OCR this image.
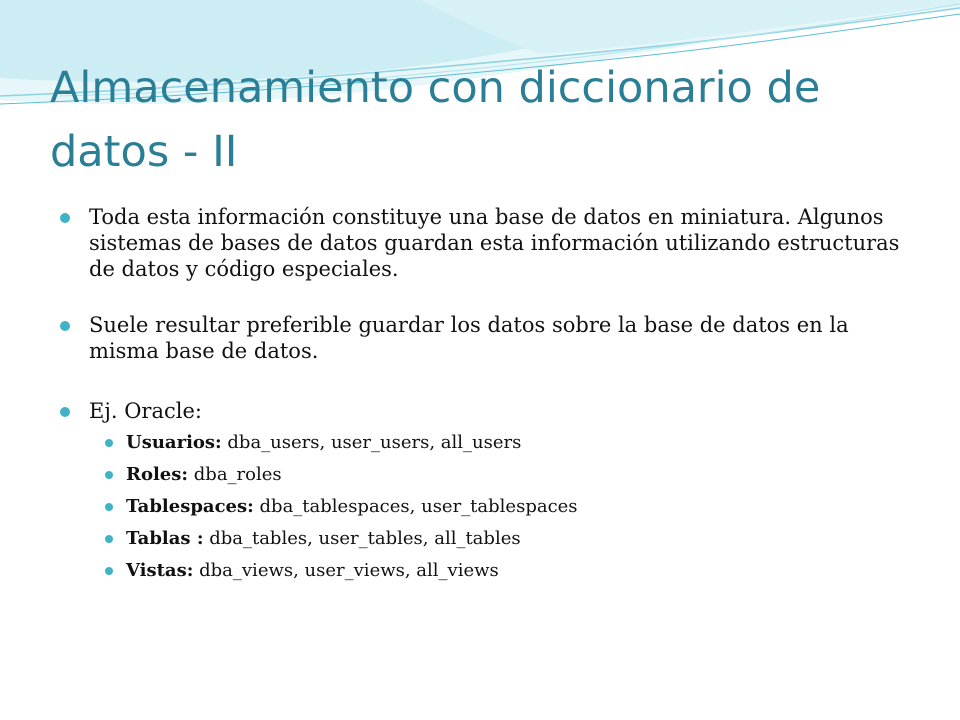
Almacenamiento con diccionario de datos - II
Toda esta información constituye una base de datos en miniatura. Algunos sistemas de bases de datos guardan esta información utilizando estructuras de datos y código especiales.
Suele resultar preferible guardar los datos sobre la base de datos en la misma base de datos.
Ej. Oracle:
Usuarios: dba_users, user_users, all_users
Roles: dba_roles
Tablespaces: dba_tablespaces, user_tablespaces
Tablas : dba_tables, user_tables, all_tables
Vistas: dba_views, user_views, all_views
